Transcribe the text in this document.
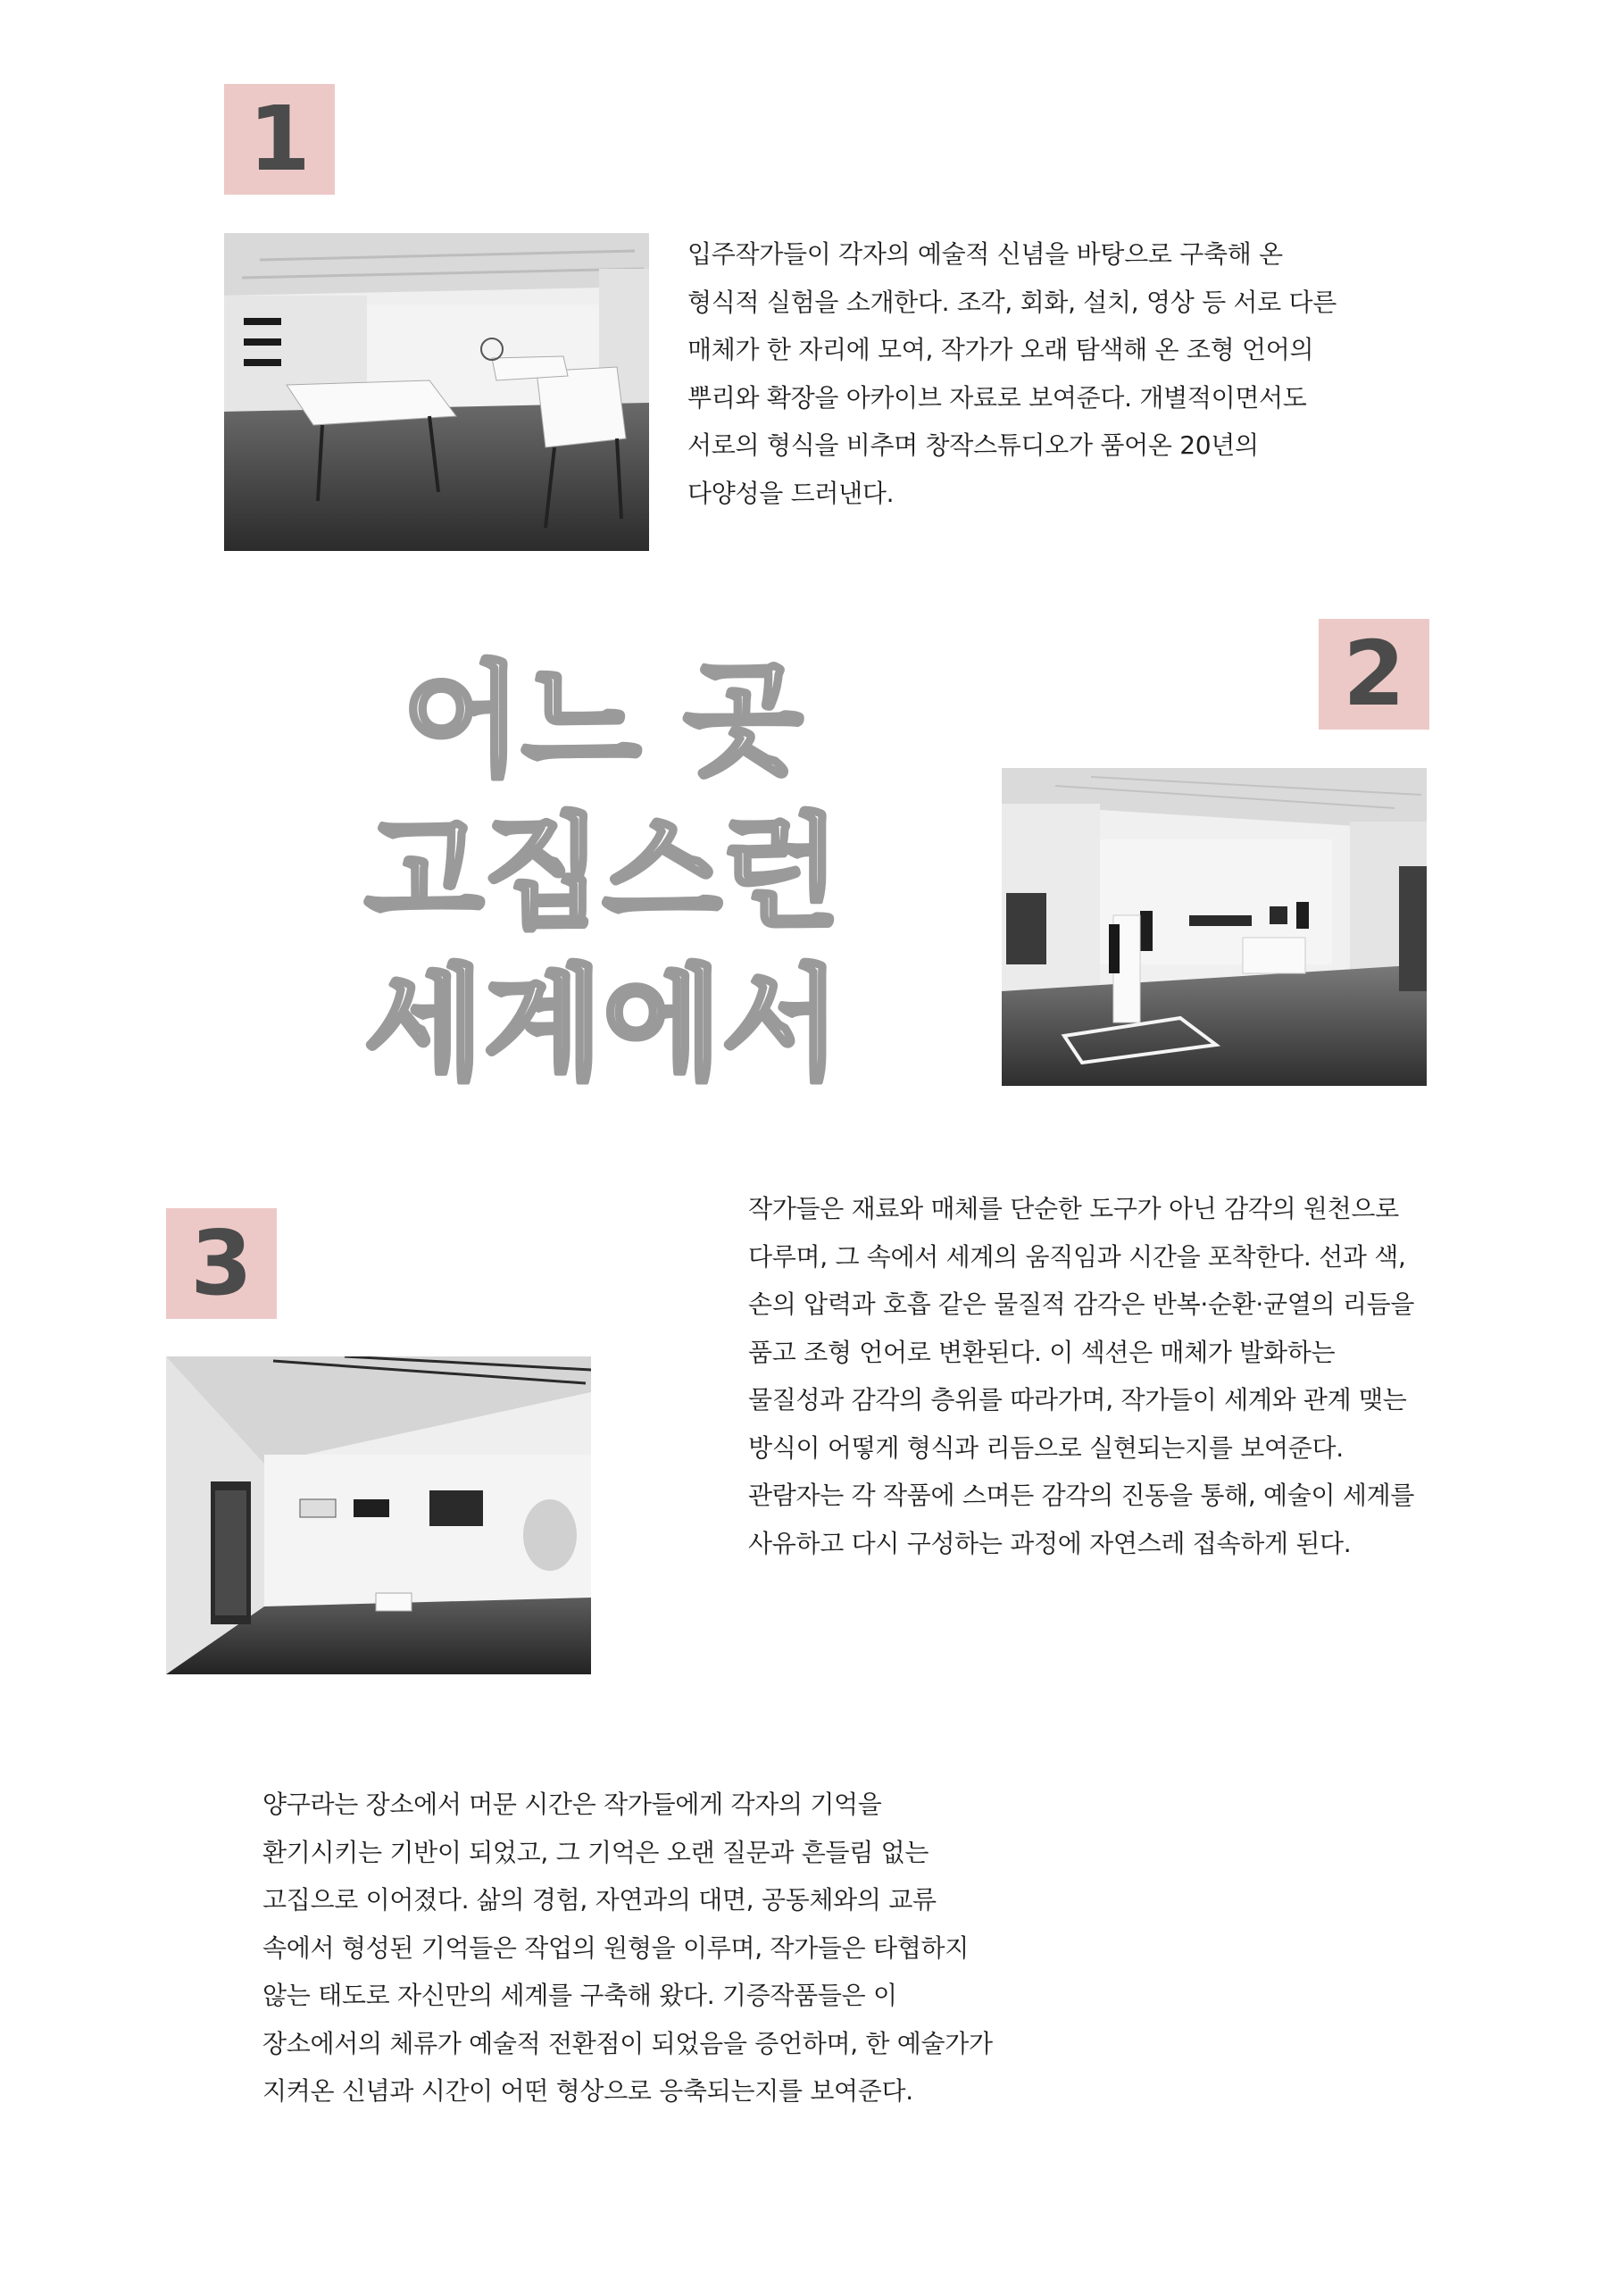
1

입주작가들이 각자의 예술적 신념을 바탕으로 구축해 온
형식적 실험을 소개한다. 조각, 회화, 설치, 영상 등 서로 다른
매체가 한 자리에 모여, 작가가 오래 탐색해 온 조형 언어의
뿌리와 확장을 아카이브 자료로 보여준다. 개별적이면서도
서로의 형식을 비추며 창작스튜디오가 품어온 20년의
다양성을 드러낸다.

어느 곳
고집스런
세계에서
2
3

작가들은 재료와 매체를 단순한 도구가 아닌 감각의 원천으로
다루며, 그 속에서 세계의 움직임과 시간을 포착한다. 선과 색,
손의 압력과 호흡 같은 물질적 감각은 반복·순환·균열의 리듬을
품고 조형 언어로 변환된다. 이 섹션은 매체가 발화하는
물질성과 감각의 층위를 따라가며, 작가들이 세계와 관계 맺는
방식이 어떻게 형식과 리듬으로 실현되는지를 보여준다.
관람자는 각 작품에 스며든 감각의 진동을 통해, 예술이 세계를
사유하고 다시 구성하는 과정에 자연스레 접속하게 된다.

양구라는 장소에서 머문 시간은 작가들에게 각자의 기억을
환기시키는 기반이 되었고, 그 기억은 오랜 질문과 흔들림 없는
고집으로 이어졌다. 삶의 경험, 자연과의 대면, 공동체와의 교류
속에서 형성된 기억들은 작업의 원형을 이루며, 작가들은 타협하지
않는 태도로 자신만의 세계를 구축해 왔다. 기증작품들은 이
장소에서의 체류가 예술적 전환점이 되었음을 증언하며, 한 예술가가
지켜온 신념과 시간이 어떤 형상으로 응축되는지를 보여준다.
